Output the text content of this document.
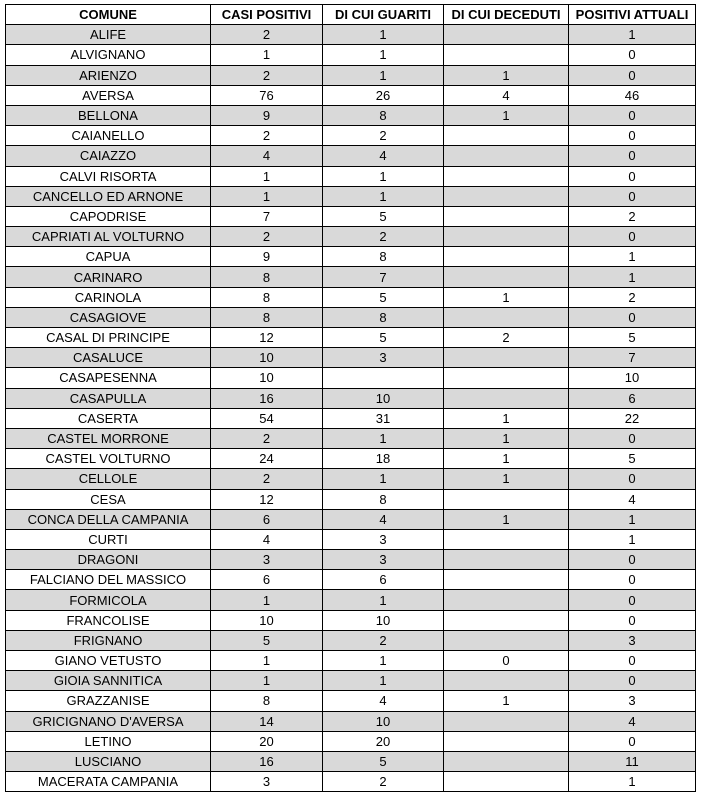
COMUNE	CASI POSITIVI	DI CUI GUARITI	DI CUI DECEDUTI	POSITIVI ATTUALI
ALIFE	2	1		1
ALVIGNANO	1	1		0
ARIENZO	2	1	1	0
AVERSA	76	26	4	46
BELLONA	9	8	1	0
CAIANELLO	2	2		0
CAIAZZO	4	4		0
CALVI RISORTA	1	1		0
CANCELLO ED ARNONE	1	1		0
CAPODRISE	7	5		2
CAPRIATI AL VOLTURNO	2	2		0
CAPUA	9	8		1
CARINARO	8	7		1
CARINOLA	8	5	1	2
CASAGIOVE	8	8		0
CASAL DI PRINCIPE	12	5	2	5
CASALUCE	10	3		7
CASAPESENNA	10			10
CASAPULLA	16	10		6
CASERTA	54	31	1	22
CASTEL MORRONE	2	1	1	0
CASTEL VOLTURNO	24	18	1	5
CELLOLE	2	1	1	0
CESA	12	8		4
CONCA DELLA CAMPANIA	6	4	1	1
CURTI	4	3		1
DRAGONI	3	3		0
FALCIANO DEL MASSICO	6	6		0
FORMICOLA	1	1		0
FRANCOLISE	10	10		0
FRIGNANO	5	2		3
GIANO VETUSTO	1	1	0	0
GIOIA SANNITICA	1	1		0
GRAZZANISE	8	4	1	3
GRICIGNANO D'AVERSA	14	10		4
LETINO	20	20		0
LUSCIANO	16	5		11
MACERATA CAMPANIA	3	2		1
